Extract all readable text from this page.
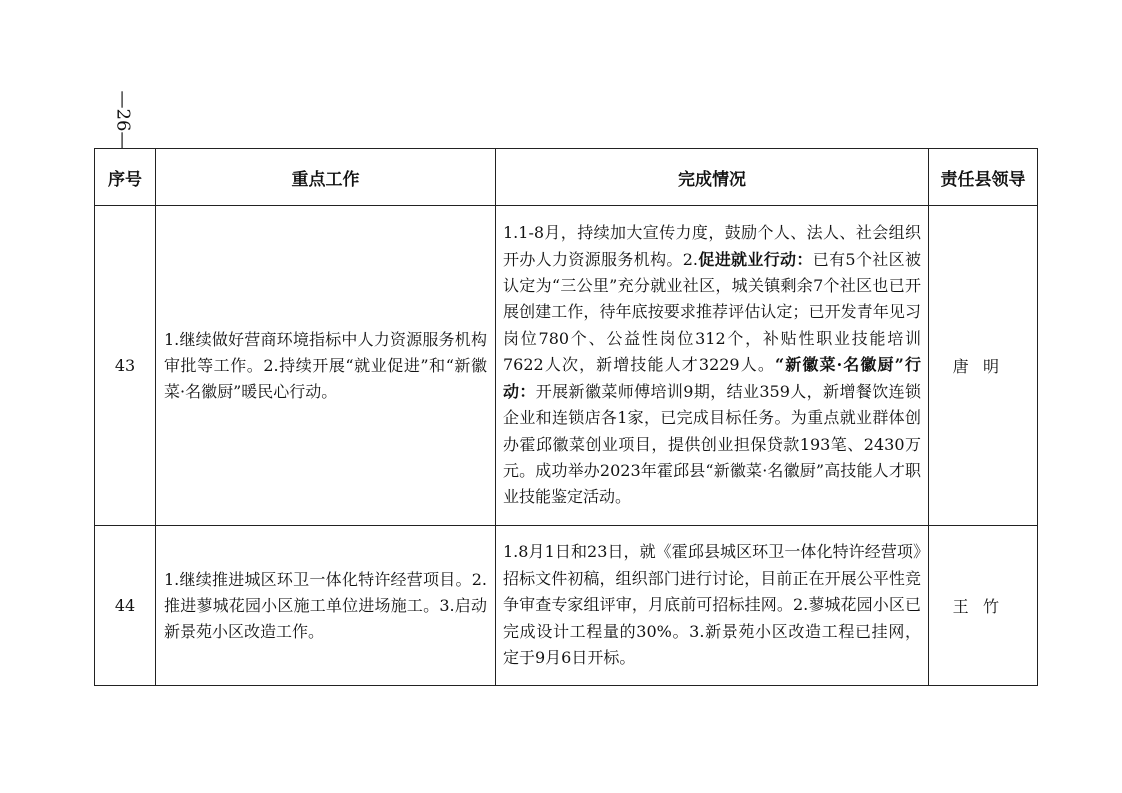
—26—
序号	重点工作	完成情况	责任县领导
43	1.继续做好营商环境指标中人力资源服务机构审批等工作。2.持续开展“就业促进”和“新徽菜·名徽厨”暖民心行动。	1.1-8月，持续加大宣传力度，鼓励个人、法人、社会组织开办人力资源服务机构。2.促进就业行动：已有5个社区被认定为“三公里”充分就业社区，城关镇剩余7个社区也已开展创建工作，待年底按要求推荐评估认定；已开发青年见习岗位780个、公益性岗位312个，补贴性职业技能培训7622人次，新增技能人才3229人。“新徽菜·名徽厨”行动：开展新徽菜师傅培训9期，结业359人，新增餐饮连锁企业和连锁店各1家，已完成目标任务。为重点就业群体创办霍邱徽菜创业项目，提供创业担保贷款193笔、2430万元。成功举办2023年霍邱县“新徽菜·名徽厨”高技能人才职业技能鉴定活动。	唐明
44	1.继续推进城区环卫一体化特许经营项目。2.推进蓼城花园小区施工单位进场施工。3.启动新景苑小区改造工作。	1.8月1日和23日，就《霍邱县城区环卫一体化特许经营项》招标文件初稿，组织部门进行讨论，目前正在开展公平性竞争审查专家组评审，月底前可招标挂网。2.蓼城花园小区已完成设计工程量的30%。3.新景苑小区改造工程已挂网，定于9月6日开标。	王竹
